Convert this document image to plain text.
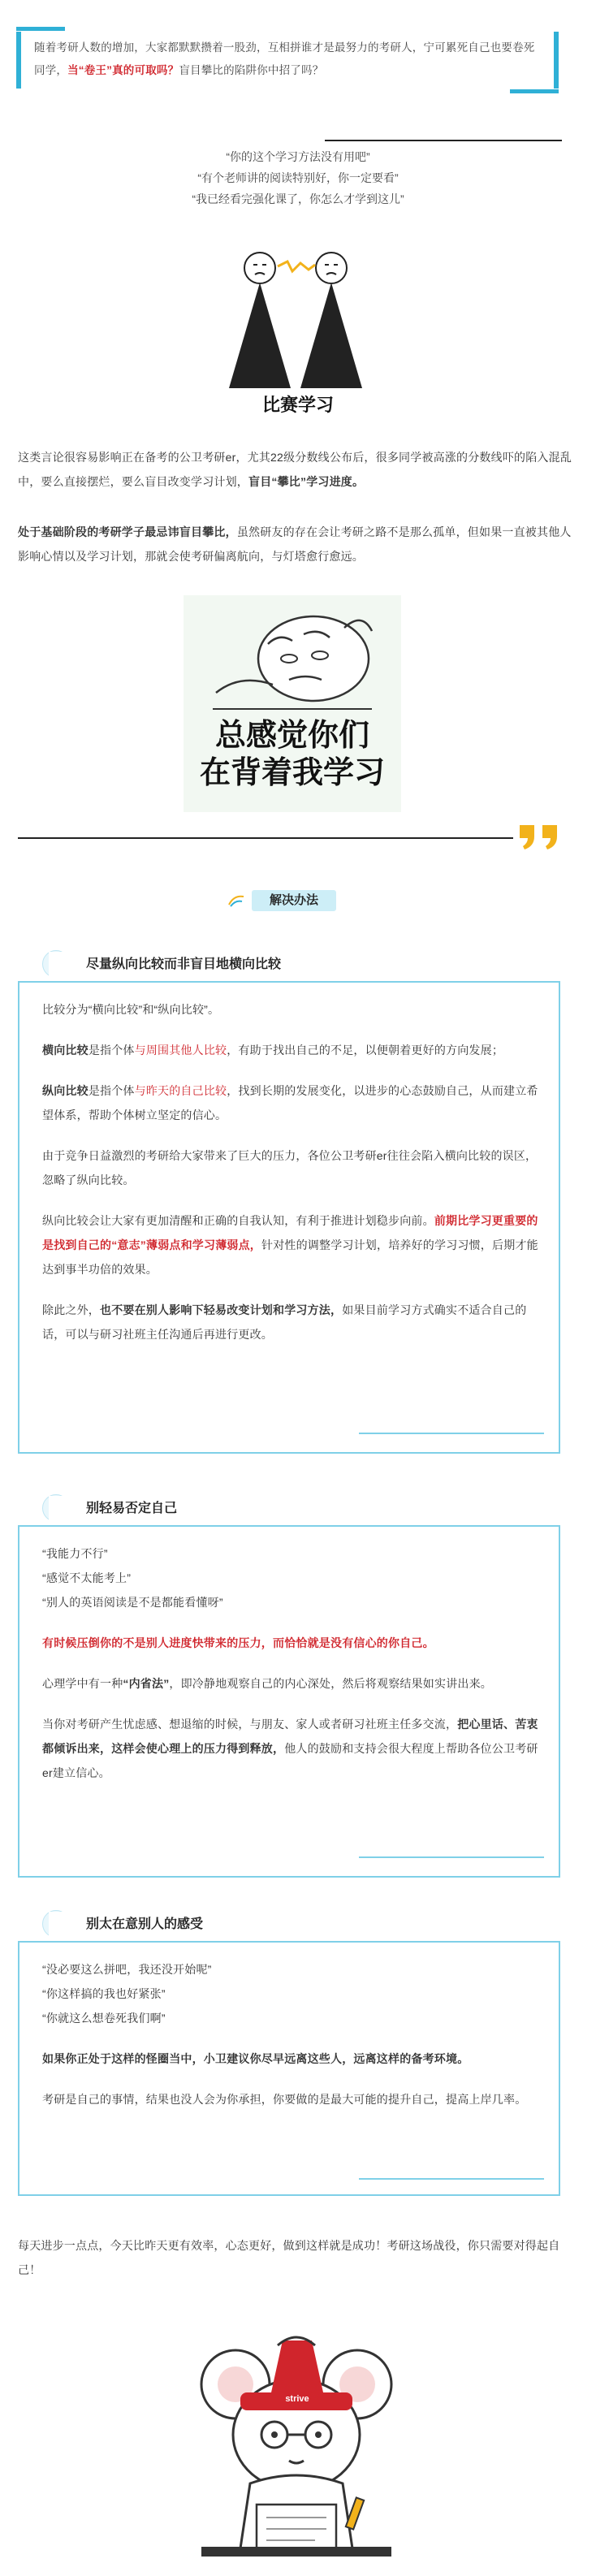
随着考研人数的增加，大家都默默攒着一股劲，互相拼谁才是最努力的考研人，宁可累死自己也要卷死同学，当“卷王”真的可取吗？盲目攀比的陷阱你中招了吗？

“你的这个学习方法没有用吧”

“有个老师讲的阅读特别好，你一定要看”

“我已经看完强化课了，你怎么才学到这儿”

比赛学习

这类言论很容易影响正在备考的公卫考研er，尤其22级分数线公布后，很多同学被高涨的分数线吓的陷入混乱中，要么直接摆烂，要么盲目改变学习计划，盲目“攀比”学习进度。

处于基础阶段的考研学子最忌讳盲目攀比，虽然研友的存在会让考研之路不是那么孤单，但如果一直被其他人影响心情以及学习计划，那就会使考研偏离航向，与灯塔愈行愈远。

总感觉你们
在背着我学习
解决办法
尽量纵向比较而非盲目地横向比较

比较分为“横向比较”和“纵向比较”。

横向比较是指个体与周围其他人比较，有助于找出自己的不足，以便朝着更好的方向发展；

纵向比较是指个体与昨天的自己比较，找到长期的发展变化，以进步的心态鼓励自己，从而建立希望体系，帮助个体树立坚定的信心。

由于竞争日益激烈的考研给大家带来了巨大的压力，各位公卫考研er往往会陷入横向比较的误区，忽略了纵向比较。

纵向比较会让大家有更加清醒和正确的自我认知，有利于推进计划稳步向前。前期比学习更重要的是找到自己的“意志”薄弱点和学习薄弱点，针对性的调整学习计划，培养好的学习习惯，后期才能达到事半功倍的效果。

除此之外，也不要在别人影响下轻易改变计划和学习方法，如果目前学习方式确实不适合自己的话，可以与研习社班主任沟通后再进行更改。

别轻易否定自己

“我能力不行”

“感觉不太能考上”

“别人的英语阅读是不是都能看懂呀”

有时候压倒你的不是别人进度快带来的压力，而恰恰就是没有信心的你自己。

心理学中有一种“内省法”，即冷静地观察自己的内心深处，然后将观察结果如实讲出来。

当你对考研产生忧虑感、想退缩的时候，与朋友、家人或者研习社班主任多交流，把心里话、苦衷都倾诉出来，这样会使心理上的压力得到释放，他人的鼓励和支持会很大程度上帮助各位公卫考研er建立信心。

别太在意别人的感受

“没必要这么拼吧，我还没开始呢”

“你这样搞的我也好紧张”

“你就这么想卷死我们啊”

如果你正处于这样的怪圈当中，小卫建议你尽早远离这些人，远离这样的备考环境。

考研是自己的事情，结果也没人会为你承担，你要做的是最大可能的提升自己，提高上岸几率。

每天进步一点点，今天比昨天更有效率，心态更好，做到这样就是成功！考研这场战役，你只需要对得起自己！

strive
